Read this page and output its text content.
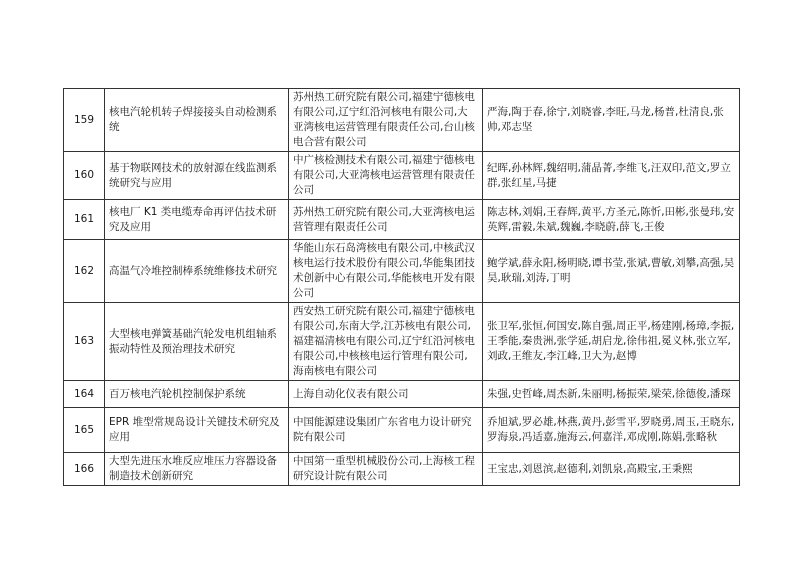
159	核电汽轮机转子焊接接头自动检测系统	苏州热工研究院有限公司,福建宁德核电有限公司,辽宁红沿河核电有限公司,大亚湾核电运营管理有限责任公司,台山核电合营有限公司	严海,陶于春,徐宁,刘晓睿,李旺,马龙,杨普,杜清良,张帅,邓志坚
160	基于物联网技术的放射源在线监测系统研究与应用	中广核检测技术有限公司,福建宁德核电有限公司,大亚湾核电运营管理有限责任公司	纪晖,孙林辉,魏绍明,蒲晶菁,李维飞,汪双印,范文,罗立群,张红星,马捷
161	核电厂 K1 类电缆寿命再评估技术研究及应用	苏州热工研究院有限公司,大亚湾核电运营管理有限责任公司	陈志林,刘娟,王春辉,黄平,方圣元,陈忻,田彬,张曼玮,安英辉,雷毅,朱斌,魏巍,李晓蔚,薛飞,王俊
162	高温气冷堆控制棒系统维修技术研究	华能山东石岛湾核电有限公司,中核武汉核电运行技术股份有限公司,华能集团技术创新中心有限公司,华能核电开发有限公司	鲍学斌,薛永阳,杨明晓,谭书莹,张斌,曹敏,刘攀,高强,吴昊,耿瑞,刘涛,丁明
163	大型核电弹簧基础汽轮发电机组轴系振动特性及预治理技术研究	西安热工研究院有限公司,福建宁德核电有限公司,东南大学,江苏核电有限公司,福建福清核电有限公司,辽宁红沿河核电有限公司,中核核电运行管理有限公司,海南核电有限公司	张卫军,张恒,何国安,陈自强,周正平,杨建刚,杨璋,李振,王季能,秦贵洲,张学延,胡启龙,徐伟祖,冕义林,张立军,刘政,王维友,李江峰,卫大为,赵博
164	百万核电汽轮机控制保护系统	上海自动化仪表有限公司	朱强,史哲峰,周杰新,朱丽明,杨振荣,梁荣,徐德俊,潘琛
165	EPR 堆型常规岛设计关键技术研究及应用	中国能源建设集团广东省电力设计研究院有限公司	乔旭斌,罗必雄,林燕,黄丹,彭雪平,罗晓勇,周玉,王晓东,罗海泉,冯适嘉,施海云,何嘉洋,邓成刚,陈娟,张略秋
166	大型先进压水堆反应堆压力容器设备制造技术创新研究	中国第一重型机械股份公司,上海核工程研究设计院有限公司	王宝忠,刘恩滨,赵德利,刘凯泉,高殿宝,王秉熙
